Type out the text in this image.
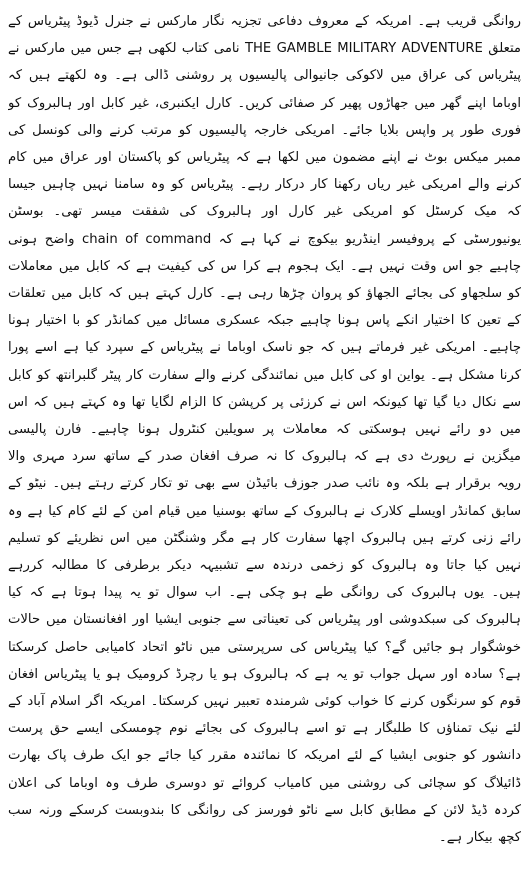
روانگی قریب ہے۔ امریکہ کے معروف دفاعی تجزیہ نگار مارکس نے جنرل ڈیوڈ پیٹریاس کے متعلق THE GAMBLE MILITARY ADVENTURE نامی کتاب لکھی ہے جس میں مارکس نے پیٹریاس کی عراق میں لاکوکی جانیوالی پالیسیوں پر روشنی ڈالی ہے۔ وہ لکھتے ہیں کہ اوباما اپنے گھر میں جھاڑوں پھیر کر صفائی کریں۔ کارل ایکنبری، غیر کابل اور ہالبروک کو فوری طور پر واپس بلایا جائے۔ امریکی خارجہ پالیسیوں کو مرتب کرنے والی کونسل کی ممبر میکس بوٹ نے اپنے مضمون میں لکھا ہے کہ پیٹریاس کو پاکستان اور عراق میں کام کرنے والے امریکی غیر ریاں رکھنا کار درکار رہے۔ پیٹریاس کو وہ سامنا نہیں چاہیں جیسا کہ میک کرسٹل کو امریکی غیر کارل اور ہالبروک کی شفقت میسر تھی۔ بوسٹن یونیورسٹی کے پروفیسر اینڈریو بیکوچ نے کہا ہے کہ chain of command واضح ہونی چاہیے جو اس وقت نہیں ہے۔ ایک ہجوم ہے کرا س کی کیفیت ہے کہ کابل میں معاملات کو سلجھاو کی بجائے الجھاؤ کو پروان چڑھا رہی ہے۔ کارل کہتے ہیں کہ کابل میں تعلقات کے تعین کا اختیار انکے پاس ہونا چاہیے جبکہ عسکری مسائل میں کمانڈر کو با اختیار ہونا چاہیے۔ امریکی غیر فرماتے ہیں کہ جو ناسک اوباما نے پیٹریاس کے سپرد کیا ہے اسے پورا کرنا مشکل ہے۔ یواین او کی کابل میں نمائندگی کرنے والے سفارت کار پیٹر گلبرانتھ کو کابل سے نکال دیا گیا تھا کیونکہ اس نے کرزئی پر کرپشن کا الزام لگایا تھا وہ کہتے ہیں کہ اس میں دو رائے نہیں ہوسکتی کہ معاملات پر سویلین کنٹرول ہونا چاہیے۔ فارن پالیسی میگزین نے رپورٹ دی ہے کہ ہالبروک کا نہ صرف افغان صدر کے ساتھ سرد مہری والا رویہ برقرار ہے بلکہ وہ نائب صدر جوزف بائیڈن سے بھی تو تکار کرتے رہتے ہیں۔ نیٹو کے سابق کمانڈر اویسلے کلارک نے ہالبروک کے ساتھ بوسنیا میں قیام امن کے لئے کام کیا ہے وہ رائے زنی کرتے ہیں ہالبروک اچھا سفارت کار ہے مگر وشنگٹن میں اس نظریئے کو تسلیم نہیں کیا جاتا وہ ہالبروک کو زخمی درندہ سے تشبیہہ دیکر برطرفی کا مطالبہ کررہے ہیں۔ یوں ہالبروک کی روانگی طے ہو چکی ہے۔ اب سوال تو یہ پیدا ہوتا ہے کہ کیا ہالبروک کی سبکدوشی اور پیٹریاس کی تعیناتی سے جنوبی ایشیا اور افغانستان میں حالات خوشگوار ہو جائیں گے؟ کیا پیٹریاس کی سرپرستی میں ناٹو اتحاد کامیابی حاصل کرسکتا ہے؟ سادہ اور سہل جواب تو یہ ہے کہ ہالبروک ہو یا رچرڈ کرومیک ہو یا پیٹریاس افغان قوم کو سرنگوں کرنے کا خواب کوئی شرمندہ تعبیر نہیں کرسکتا۔ امریکہ اگر اسلام آباد کے لئے نیک تمناؤں کا طلبگار ہے تو اسے ہالبروک کی بجائے نوم چومسکی ایسے حق پرست دانشور کو جنوبی ایشیا کے لئے امریکہ کا نمائندہ مقرر کیا جائے جو ایک طرف پاک بھارت ڈائیلاگ کو سچائی کی روشنی میں کامیاب کروائے تو دوسری طرف وہ اوباما کی اعلان کردہ ڈیڈ لائن کے مطابق کابل سے ناٹو فورسز کی روانگی کا بندوبست کرسکے ورنہ سب کچھ بیکار ہے۔
